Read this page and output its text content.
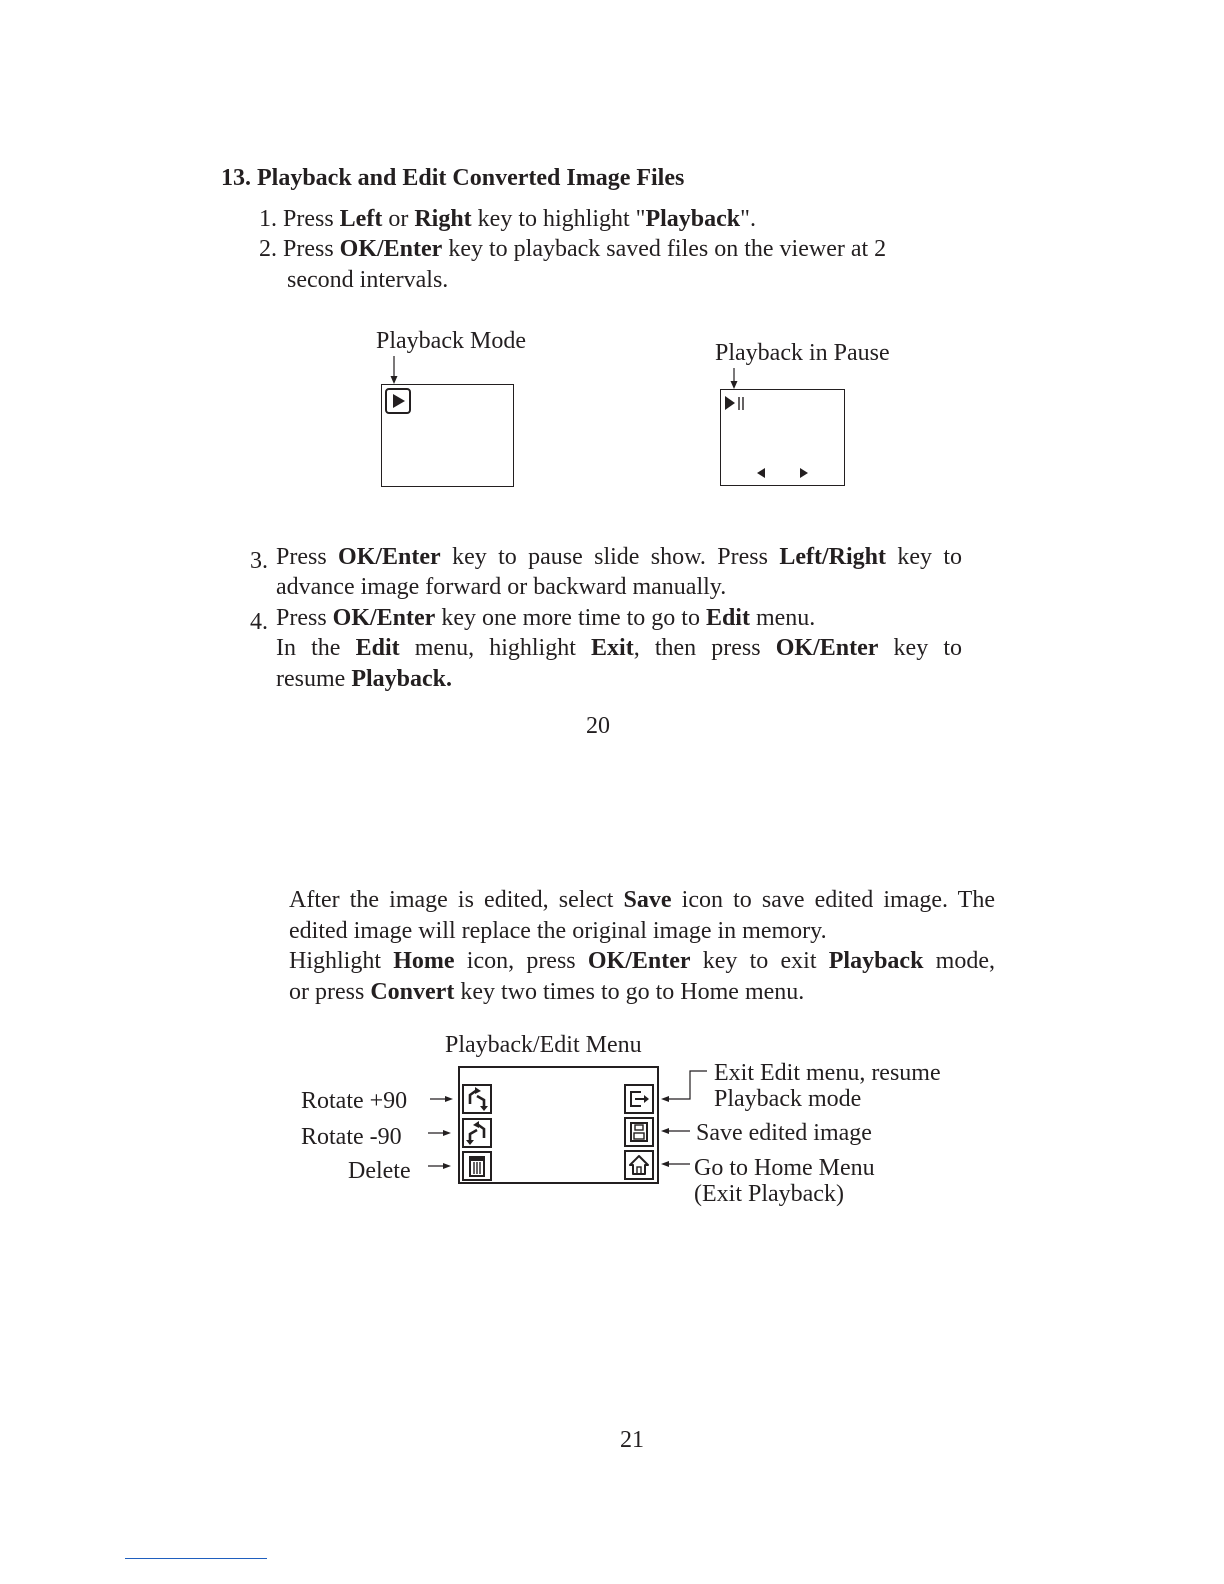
13. Playback and Edit Converted Image Files
1. Press Left or Right key to highlight "Playback".
2. Press OK/Enter key to playback saved files on the viewer at 2
second intervals.
Playback Mode	Playback in Pause
3. Press OK/Enter key to pause slide show. Press Left/Right key to
advance image forward or backward manually.
4. Press OK/Enter key one more time to go to Edit menu.
In the Edit menu, highlight Exit, then press OK/Enter key to
resume Playback.
20
After the image is edited, select Save icon to save edited image. The
edited image will replace the original image in memory.
Highlight Home icon, press OK/Enter key to exit Playback mode,
or press Convert key two times to go to Home menu.
Playback/Edit Menu
Rotate +90
Rotate -90
Delete
Exit Edit menu, resume
Playback mode
Save edited image
Go to Home Menu
(Exit Playback)
21
